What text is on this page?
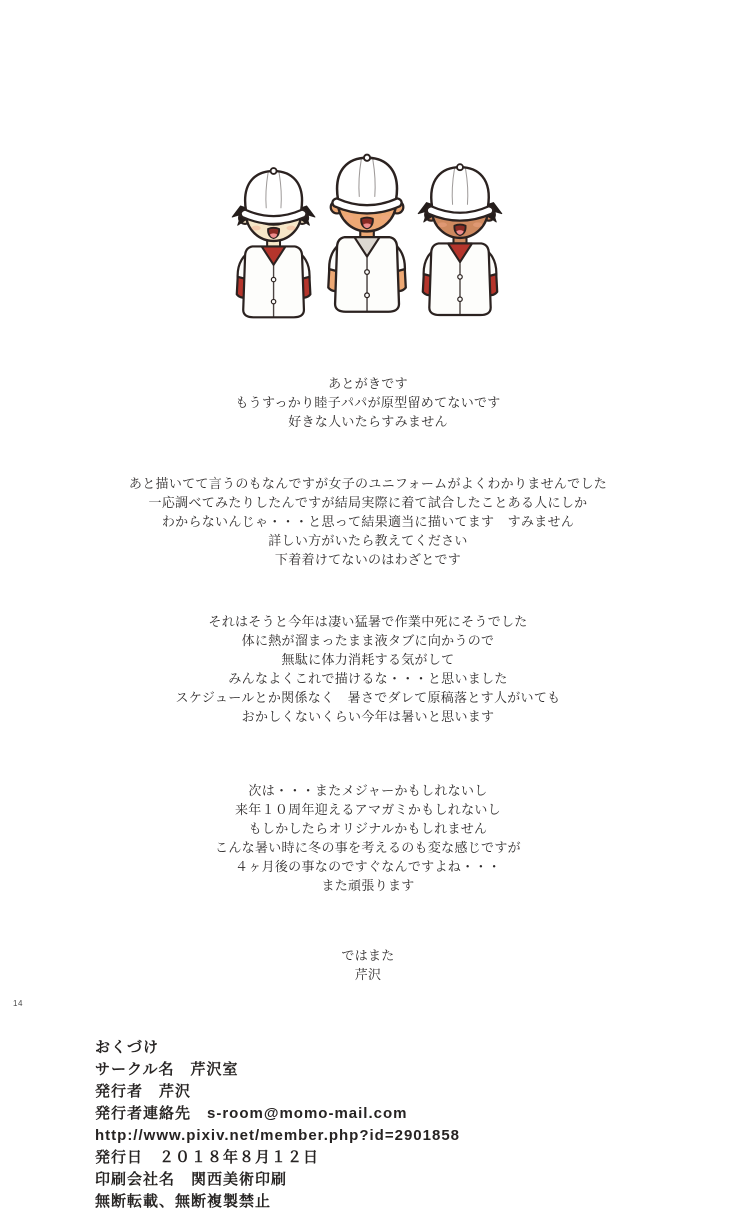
あとがきです
もうすっかり睦子パパが原型留めてないです
好きな人いたらすみません

あと描いてて言うのもなんですが女子のユニフォームがよくわかりませんでした
一応調べてみたりしたんですが結局実際に着て試合したことある人にしか
わからないんじゃ・・・と思って結果適当に描いてます　すみません
詳しい方がいたら教えてください
下着着けてないのはわざとです

それはそうと今年は凄い猛暑で作業中死にそうでした
体に熱が溜まったまま液タブに向かうので
無駄に体力消耗する気がして
みんなよくこれで描けるな・・・と思いました
スケジュールとか関係なく　暑さでダレて原稿落とす人がいても
おかしくないくらい今年は暑いと思います

次は・・・またメジャーかもしれないし
来年１０周年迎えるアマガミかもしれないし
もしかしたらオリジナルかもしれません
こんな暑い時に冬の事を考えるのも変な感じですが
４ヶ月後の事なのですぐなんですよね・・・
また頑張ります

ではまた
芹沢

おくづけ
サークル名　芹沢室
発行者　芹沢
発行者連絡先　s-room@momo-mail.com
http://www.pixiv.net/member.php?id=2901858
発行日　２０１８年８月１２日
印刷会社名　関西美術印刷
無断転載、無断複製禁止
14
